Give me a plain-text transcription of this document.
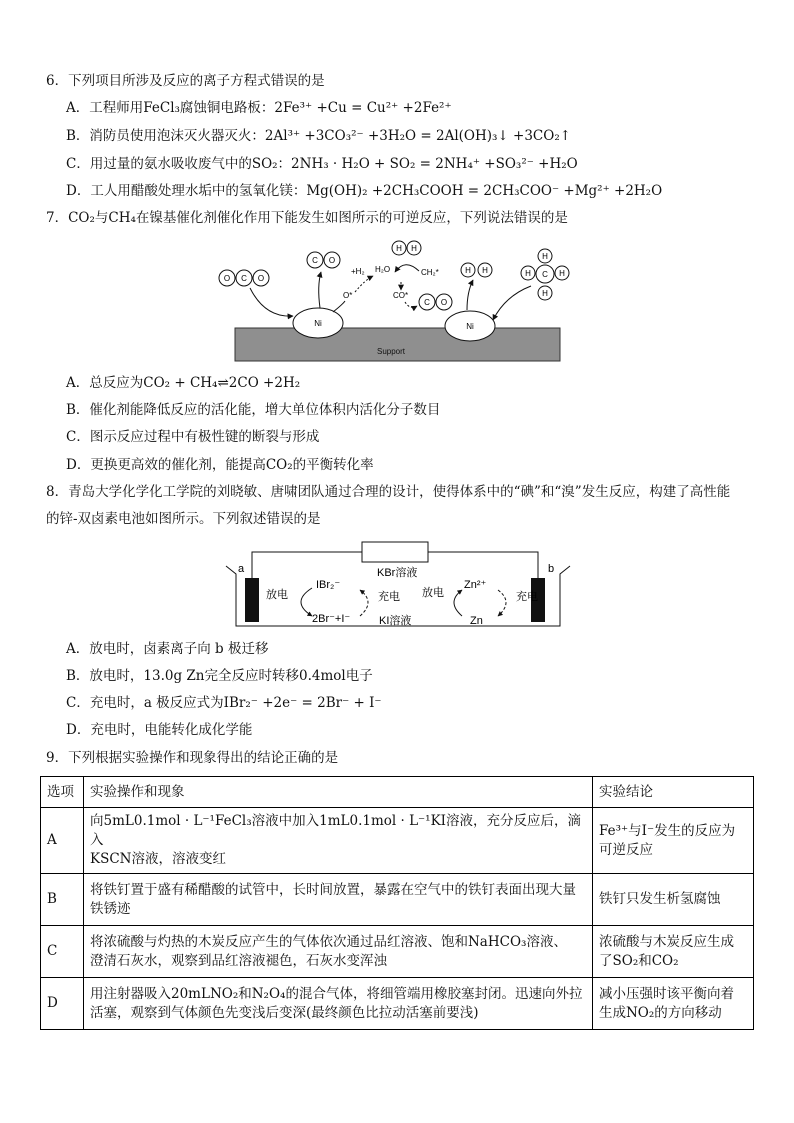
6．下列项目所涉及反应的离子方程式错误的是
A．工程师用FeCl₃腐蚀铜电路板：2Fe³⁺ +Cu = Cu²⁺ +2Fe²⁺
B．消防员使用泡沫灭火器灭火：2Al³⁺ +3CO₃²⁻ +3H₂O = 2Al(OH)₃↓ +3CO₂↑
C．用过量的氨水吸收废气中的SO₂：2NH₃ · H₂O + SO₂ = 2NH₄⁺ +SO₃²⁻ +H₂O
D．工人用醋酸处理水垢中的氢氧化镁：Mg(OH)₂ +2CH₃COOH = 2CH₃COO⁻ +Mg²⁺ +2H₂O
7．CO₂与CH₄在镍基催化剂催化作用下能发生如图所示的可逆反应，下列说法错误的是
Support
Ni	Ni
O C O
C O
O*
+H₂ H₂O
H H
CH₂*
CO*
C O
H H
H
H C H
H
A．总反应为CO₂ + CH₄⇌2CO +2H₂
B．催化剂能降低反应的活化能，增大单位体积内活化分子数目
C．图示反应过程中有极性键的断裂与形成
D．更换更高效的催化剂，能提高CO₂的平衡转化率
8．青岛大学化学化工学院的刘晓敏、唐啸团队通过合理的设计，使得体系中的“碘”和“溴”发生反应，构建了高性能
的锌-双卤素电池如图所示。下列叙述错误的是
a	b
KBr溶液
KI溶液
放电
IBr₂⁻
2Br⁻+I⁻
充电 放电
Zn²⁺
Zn
充电
A．放电时，卤素离子向 b 极迁移
B．放电时，13.0g Zn完全反应时转移0.4mol电子
C．充电时，a 极反应式为IBr₂⁻ +2e⁻ = 2Br⁻ + I⁻
D．充电时，电能转化成化学能
9．下列根据实验操作和现象得出的结论正确的是
选项	实验操作和现象	实验结论
A	向5mL0.1mol · L⁻¹FeCl₃溶液中加入1mL0.1mol · L⁻¹KI溶液，充分反应后，滴入
KSCN溶液，溶液变红	Fe³⁺与I⁻发生的反应为
可逆反应
B	将铁钉置于盛有稀醋酸的试管中，长时间放置，暴露在空气中的铁钉表面出现大量
铁锈迹	铁钉只发生析氢腐蚀
C	将浓硫酸与灼热的木炭反应产生的气体依次通过品红溶液、饱和NaHCO₃溶液、
澄清石灰水，观察到品红溶液褪色，石灰水变浑浊	浓硫酸与木炭反应生成
了SO₂和CO₂
D	用注射器吸入20mLNO₂和N₂O₄的混合气体，将细管端用橡胶塞封闭。迅速向外拉
活塞，观察到气体颜色先变浅后变深(最终颜色比拉动活塞前要浅)	减小压强时该平衡向着
生成NO₂的方向移动
